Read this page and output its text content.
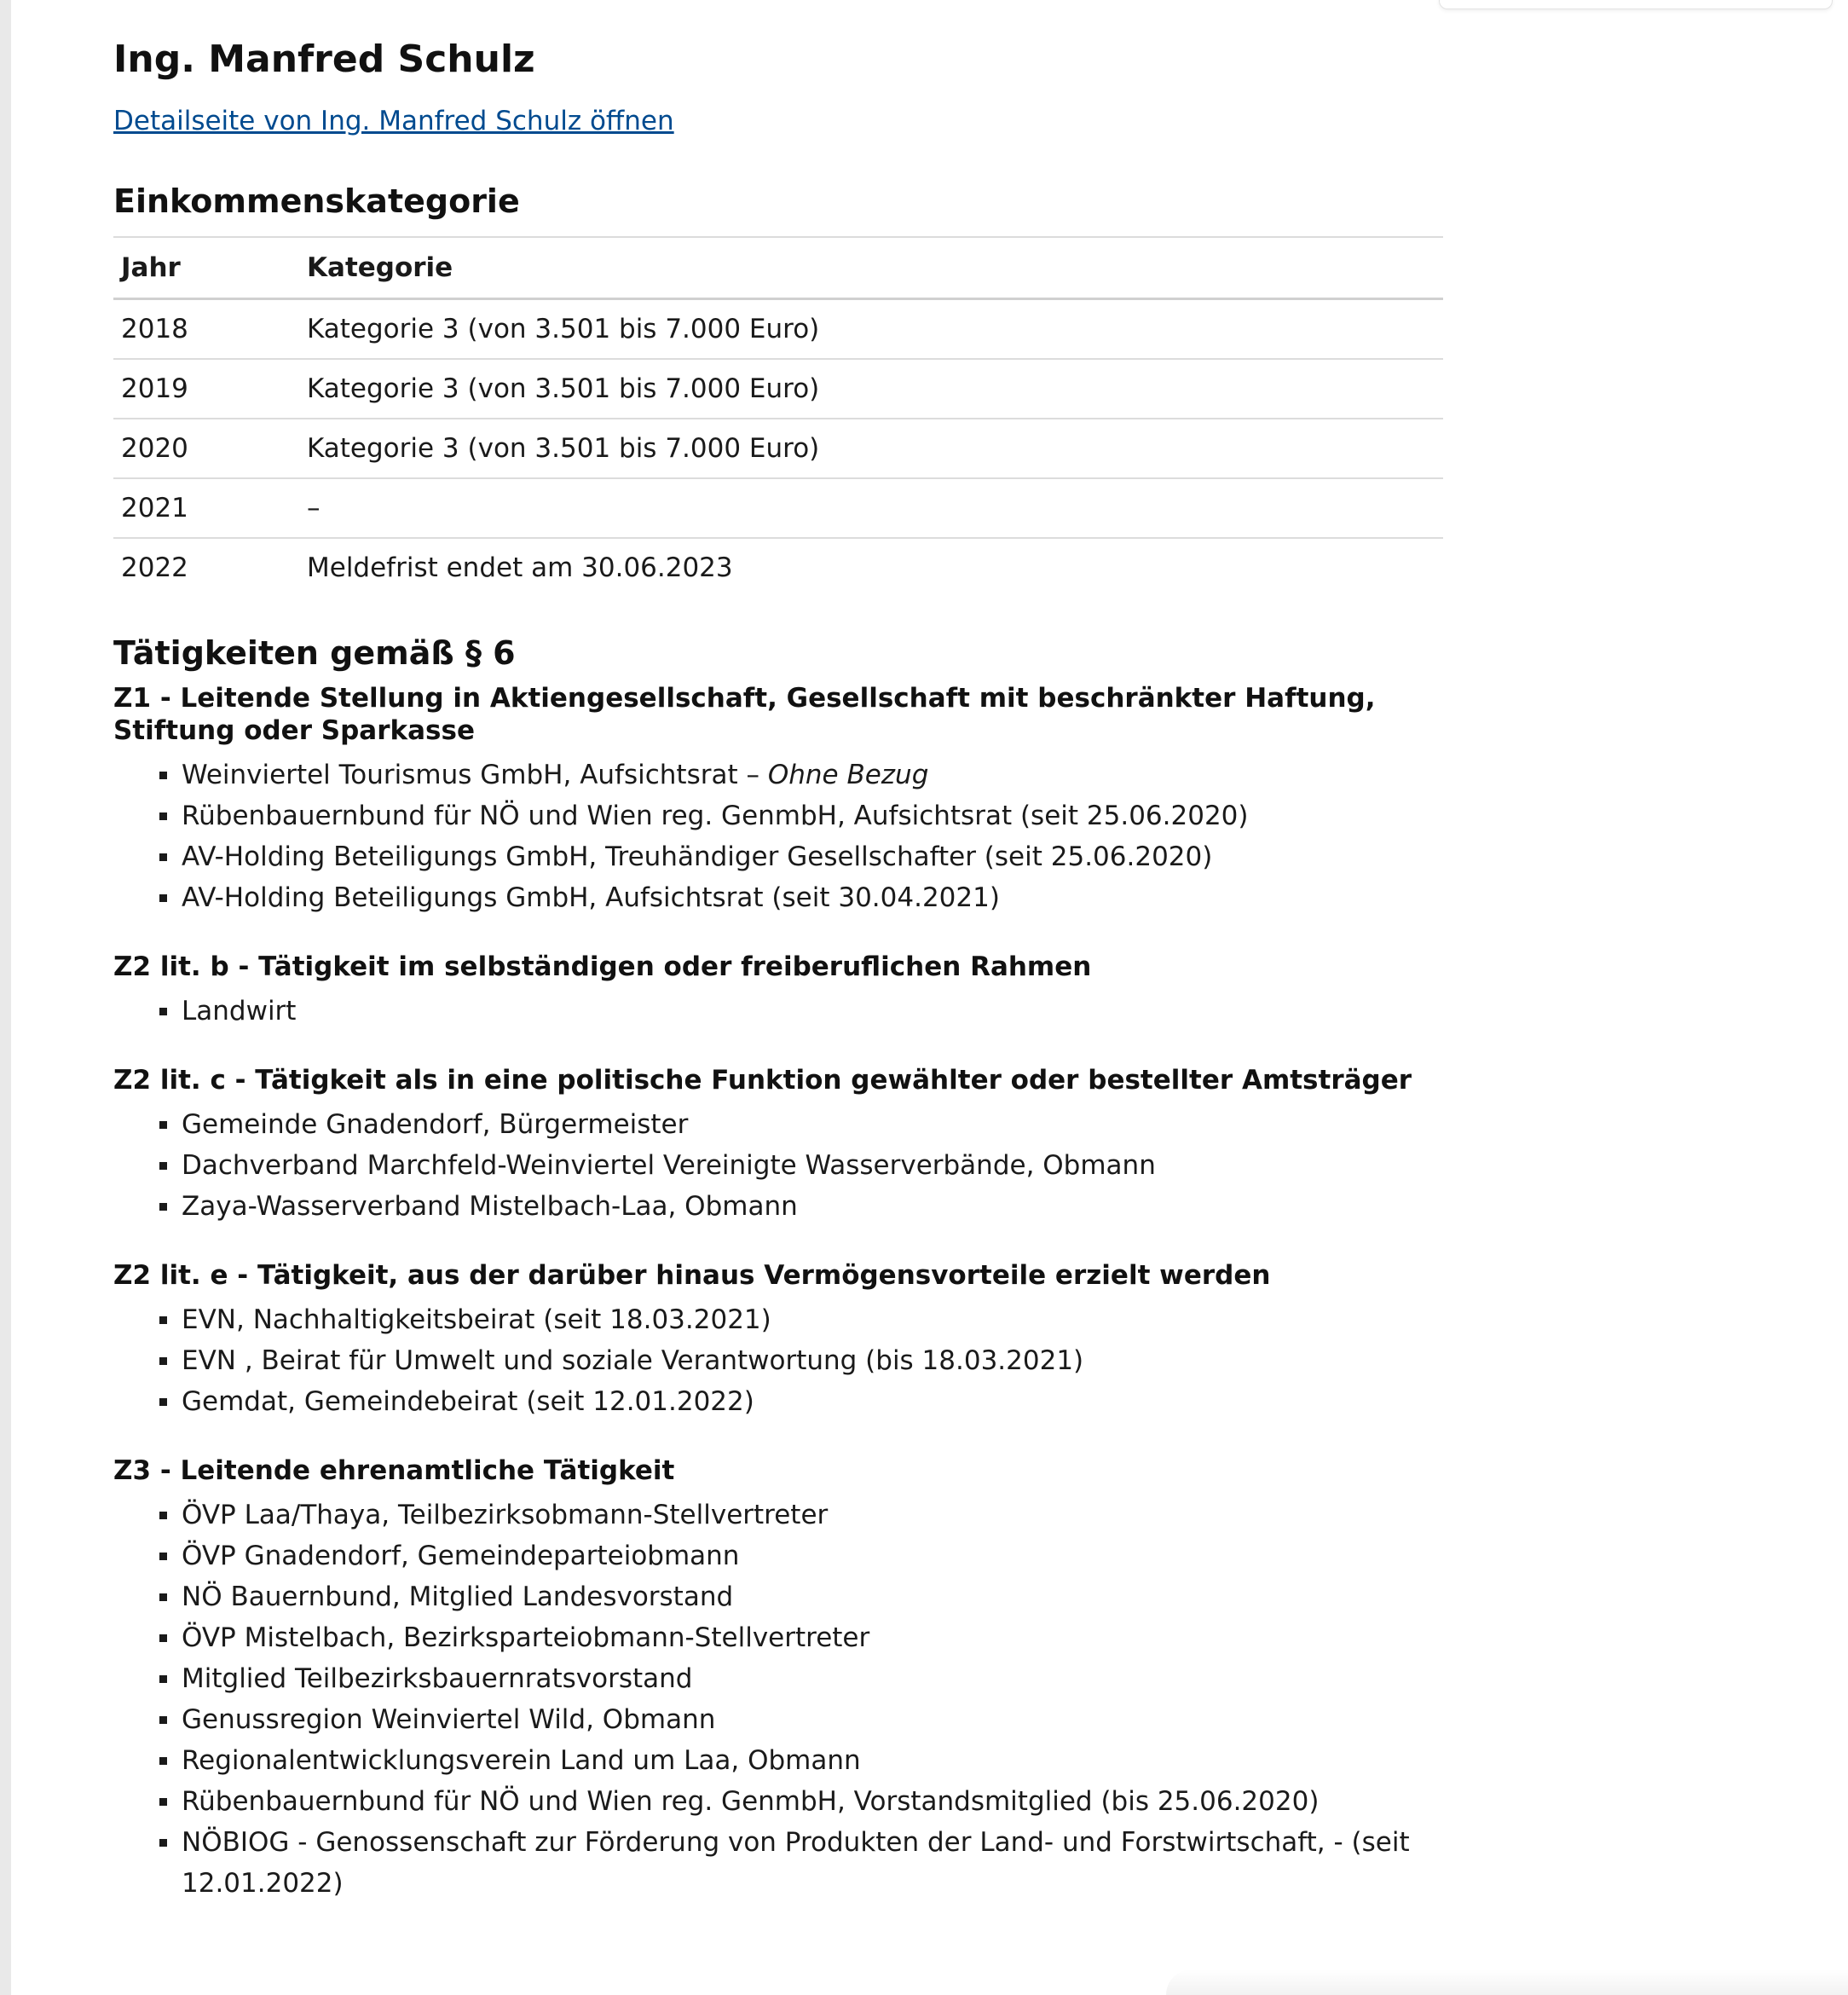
Ing. Manfred Schulz
Detailseite von Ing. Manfred Schulz öffnen
Einkommenskategorie
Jahr	Kategorie
2018	Kategorie 3 (von 3.501 bis 7.000 Euro)
2019	Kategorie 3 (von 3.501 bis 7.000 Euro)
2020	Kategorie 3 (von 3.501 bis 7.000 Euro)
2021	–
2022	Meldefrist endet am 30.06.2023
Tätigkeiten gemäß § 6
Z1 - Leitende Stellung in Aktiengesellschaft, Gesellschaft mit beschränkter Haftung, Stiftung oder Sparkasse
Weinviertel Tourismus GmbH, Aufsichtsrat – Ohne Bezug
Rübenbauernbund für NÖ und Wien reg. GenmbH, Aufsichtsrat (seit 25.06.2020)
AV-Holding Beteiligungs GmbH, Treuhändiger Gesellschafter (seit 25.06.2020)
AV-Holding Beteiligungs GmbH, Aufsichtsrat (seit 30.04.2021)
Z2 lit. b - Tätigkeit im selbständigen oder freiberuflichen Rahmen
Landwirt
Z2 lit. c - Tätigkeit als in eine politische Funktion gewählter oder bestellter Amtsträger
Gemeinde Gnadendorf, Bürgermeister
Dachverband Marchfeld-Weinviertel Vereinigte Wasserverbände, Obmann
Zaya-Wasserverband Mistelbach-Laa, Obmann
Z2 lit. e - Tätigkeit, aus der darüber hinaus Vermögensvorteile erzielt werden
EVN, Nachhaltigkeitsbeirat (seit 18.03.2021)
EVN , Beirat für Umwelt und soziale Verantwortung (bis 18.03.2021)
Gemdat, Gemeindebeirat (seit 12.01.2022)
Z3 - Leitende ehrenamtliche Tätigkeit
ÖVP Laa/Thaya, Teilbezirksobmann-Stellvertreter
ÖVP Gnadendorf, Gemeindeparteiobmann
NÖ Bauernbund, Mitglied Landesvorstand
ÖVP Mistelbach, Bezirksparteiobmann-Stellvertreter
Mitglied Teilbezirksbauernratsvorstand
Genussregion Weinviertel Wild, Obmann
Regionalentwicklungsverein Land um Laa, Obmann
Rübenbauernbund für NÖ und Wien reg. GenmbH, Vorstandsmitglied (bis 25.06.2020)
NÖBIOG - Genossenschaft zur Förderung von Produkten der Land- und Forstwirtschaft, - (seit 12.01.2022)
